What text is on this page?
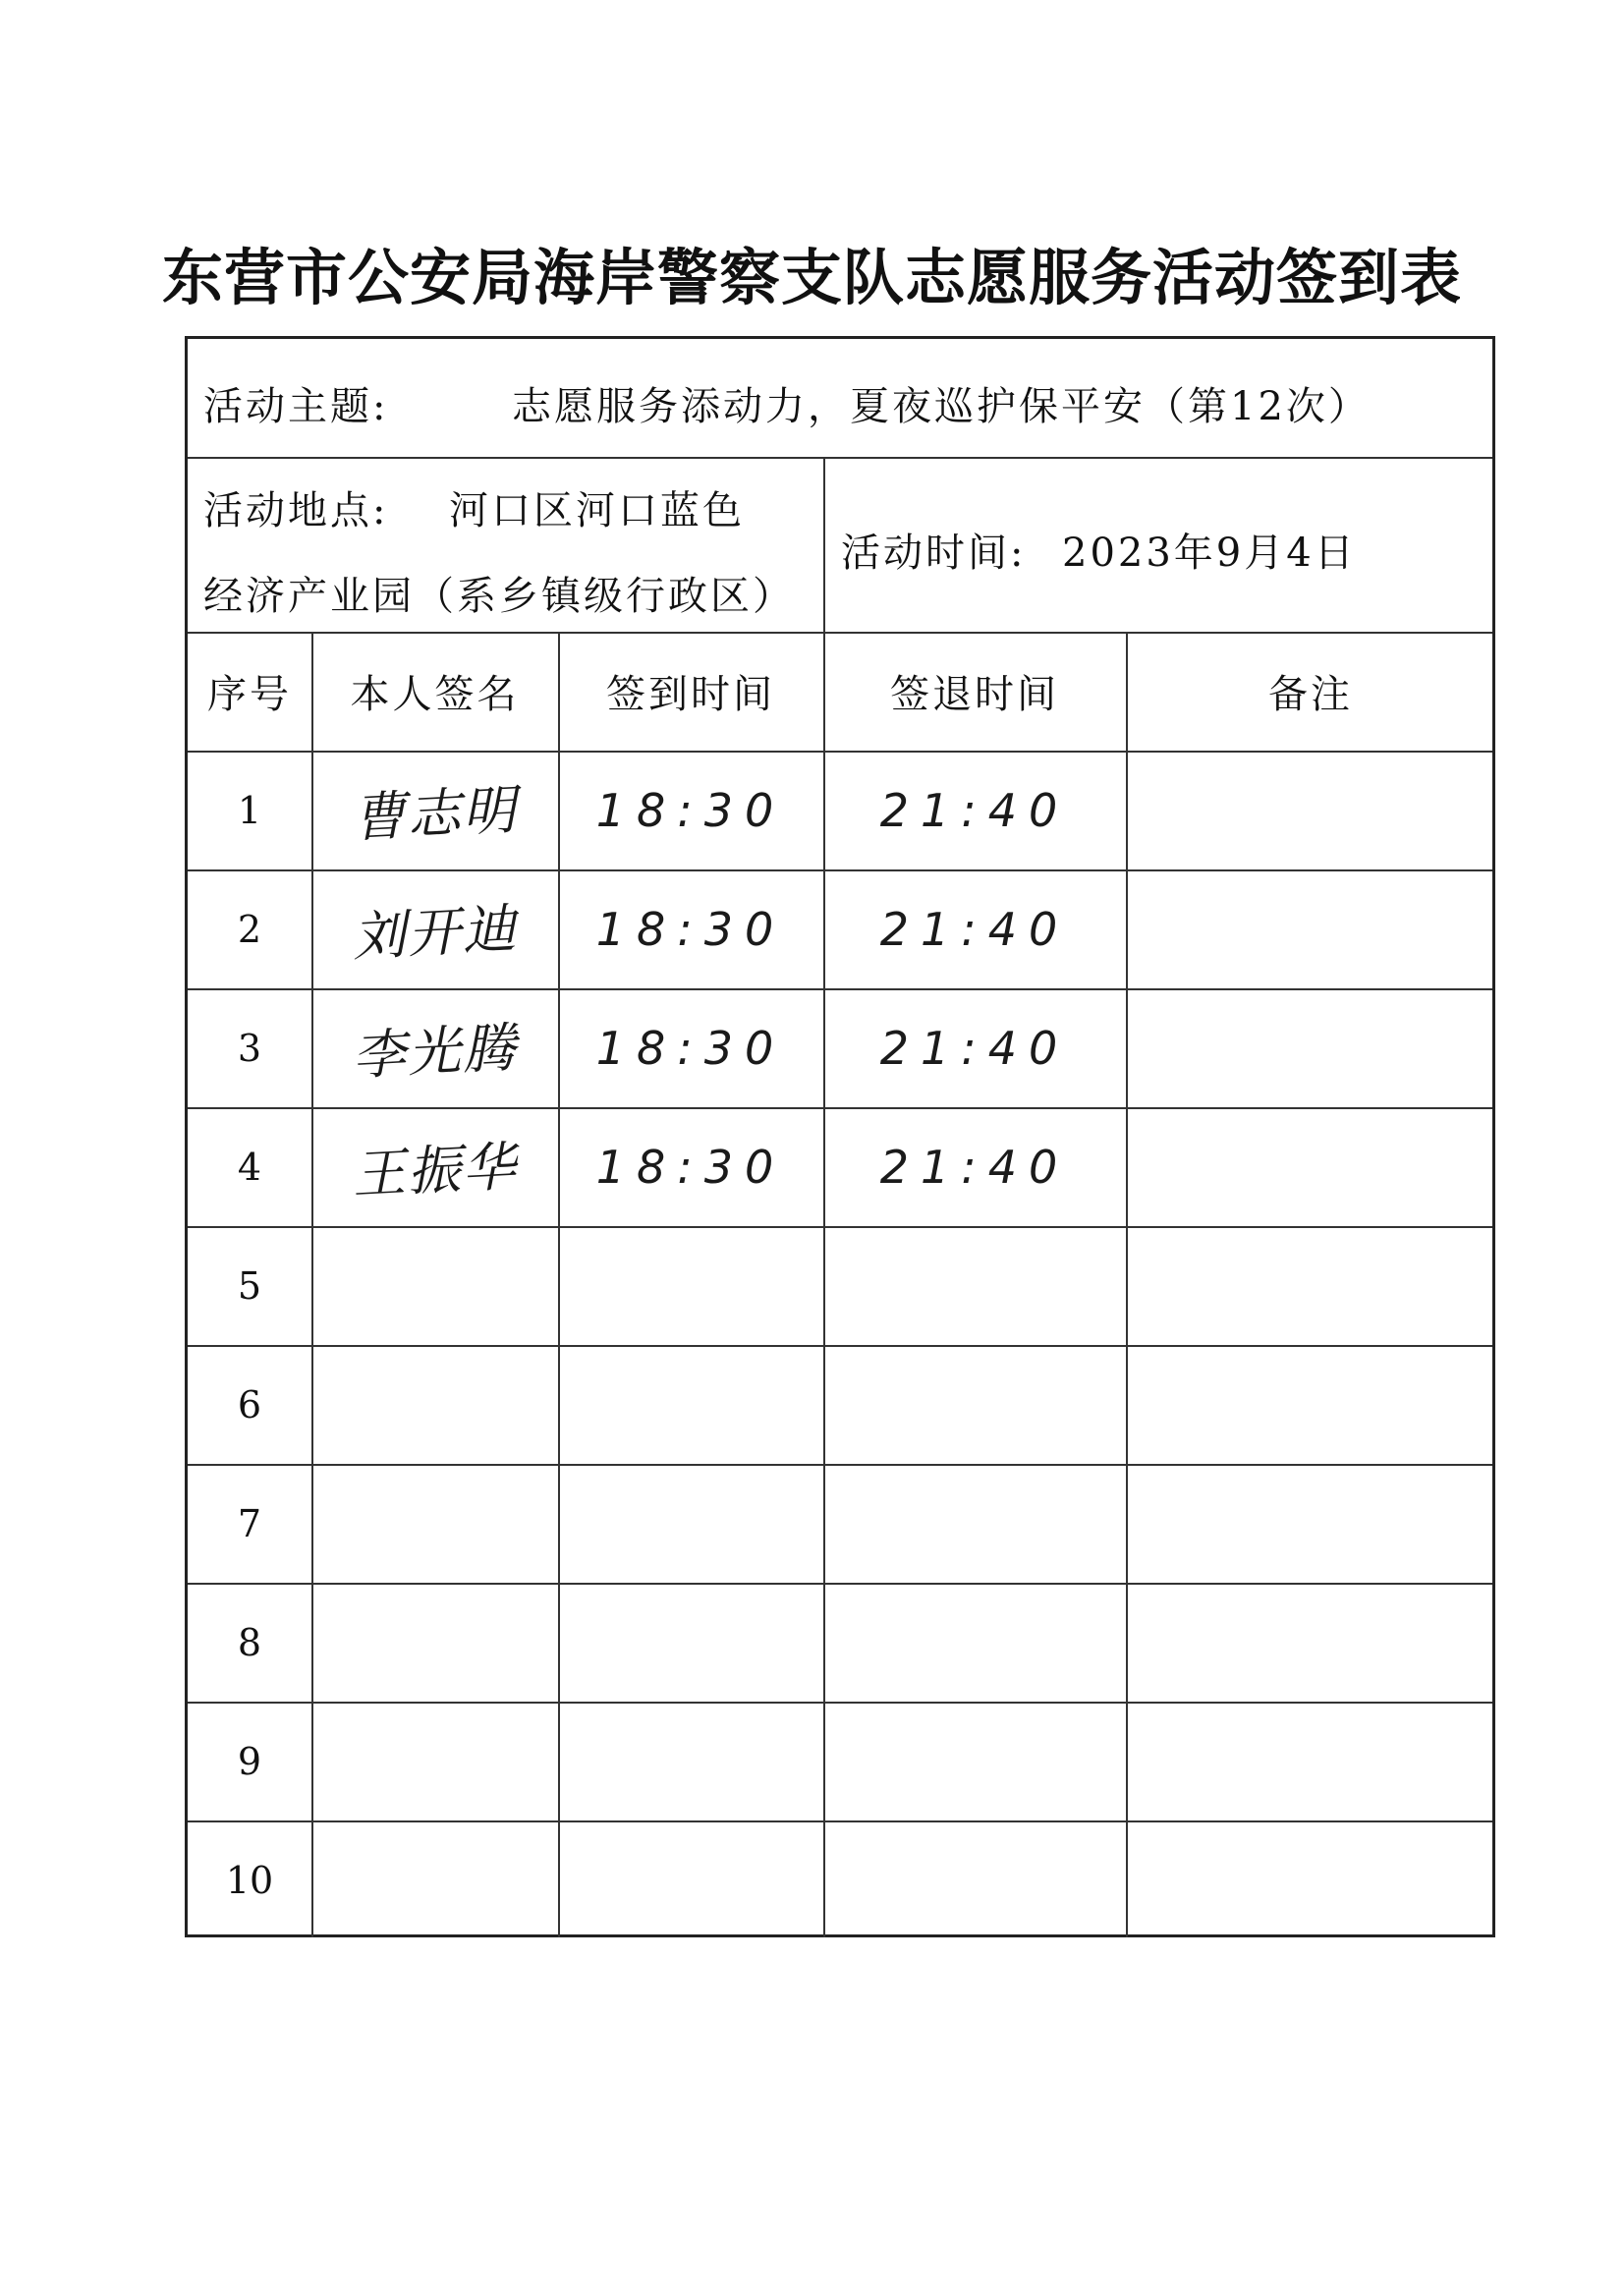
东营市公安局海岸警察支队志愿服务活动签到表
活动主题:	志愿服务添动力，夏夜巡护保平安（第12次）
活动地点: 河口区河口蓝色
经济产业园（系乡镇级行政区）
活动时间: 2023年9月4日
序号	本人签名	签到时间	签退时间	备注
1	曹志明	18:30	21:40
2	刘开迪	18:30	21:40
3	李光腾	18:30	21:40
4	王振华	18:30	21:40
5
6
7
8
9
10
